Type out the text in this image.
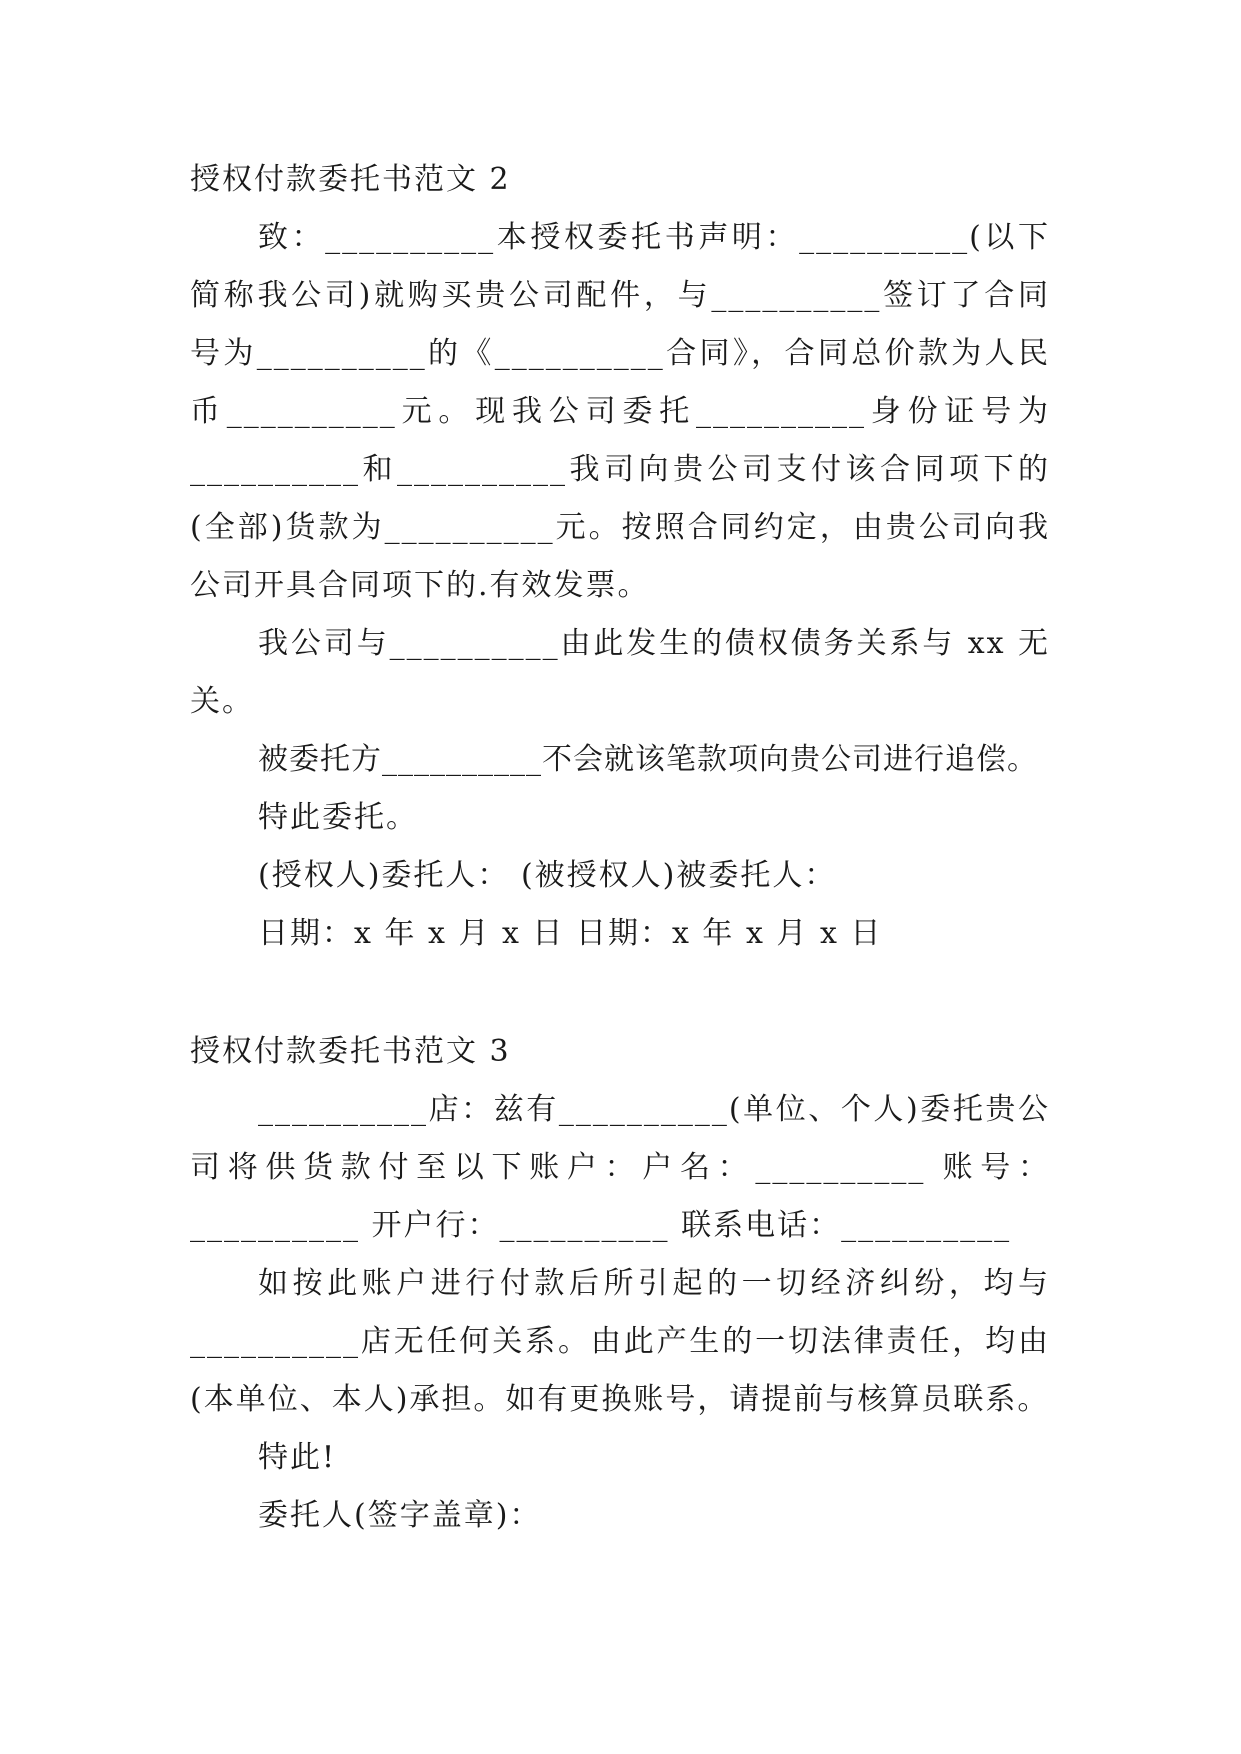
授权付款委托书范文 2
致：__________本授权委托书声明：__________(以下
简称我公司)就购买贵公司配件，与__________签订了合同
号为__________的《__________合同》，合同总价款为人民
币__________元。现我公司委托__________身份证号为
__________和__________我司向贵公司支付该合同项下的
(全部)货款为__________元。按照合同约定，由贵公司向我
公司开具合同项下的.有效发票。
我公司与__________由此发生的债权债务关系与 xx 无
关。
被委托方__________不会就该笔款项向贵公司进行追偿。
特此委托。
(授权人)委托人： (被授权人)被委托人：
日期：x 年 x 月 x 日 日期：x 年 x 月 x 日
授权付款委托书范文 3
__________店：兹有__________(单位、个人)委托贵公
司将供货款付至以下账户：户名：__________ 账号：
__________ 开户行：__________ 联系电话：__________
如按此账户进行付款后所引起的一切经济纠纷，均与
__________店无任何关系。由此产生的一切法律责任，均由
(本单位、本人)承担。如有更换账号，请提前与核算员联系。
特此!
委托人(签字盖章)：
